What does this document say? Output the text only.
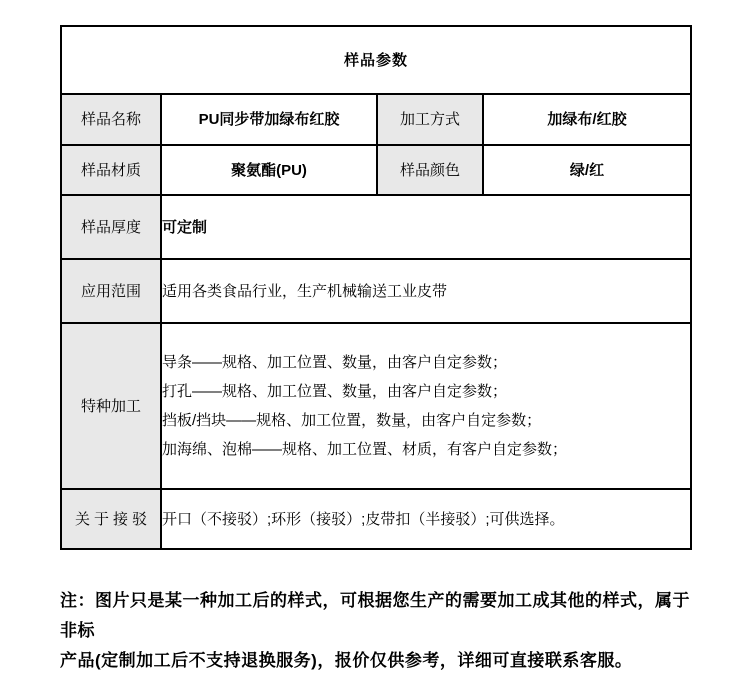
样品参数			
样品名称	PU同步带加绿布红胶	加工方式	加绿布/红胶
样品材质	聚氨酯(PU)	样品颜色	绿/红
样品厚度	可定制		
应用范围	适用各类食品行业，生产机械输送工业皮带		
特种加工	导条——规格、加工位置、数量，由客户自定参数；
打孔——规格、加工位置、数量，由客户自定参数；
挡板/挡块——规格、加工位置，数量，由客户自定参数；
加海绵、泡棉——规格、加工位置、材质，有客户自定参数；		

关于接驳	开口（不接驳）;环形（接驳）;皮带扣（半接驳）;可供选择。		
注：图片只是某一种加工后的样式，可根据您生产的需要加工成其他的样式，属于非标
产品(定制加工后不支持退换服务)，报价仅供参考，详细可直接联系客服。
